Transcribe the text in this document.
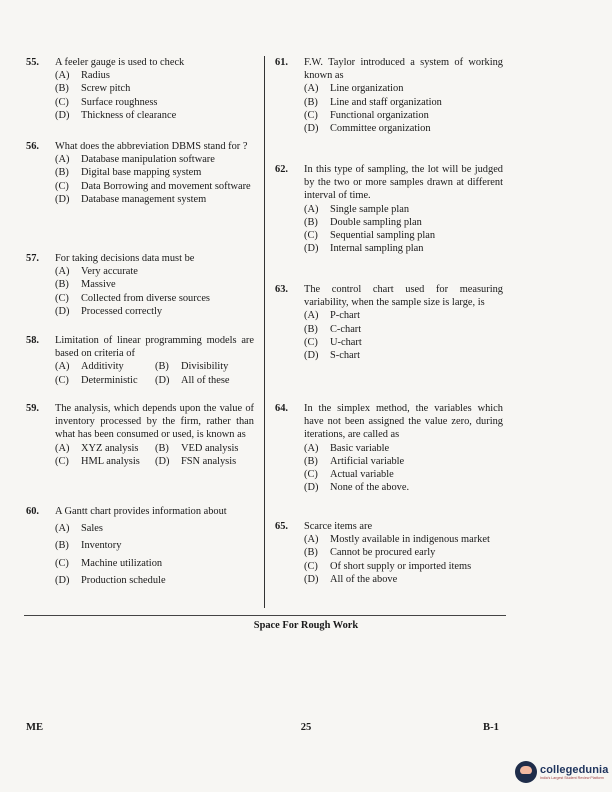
55. A feeler gauge is used to check
(A)	Radius
(B)	Screw pitch
(C)	Surface roughness
(D)	Thickness of clearance
56. What does the abbreviation DBMS stand for ?
(A)	Database manipulation software
(B)	Digital base mapping system
(C)	Data Borrowing and movement software
(D)	Database management system
57. For taking decisions data must be
(A)	Very accurate
(B)	Massive
(C)	Collected from diverse sources
(D)	Processed correctly
58. Limitation of linear programming models are based on criteria of
(A)	Additivity	(B)	Divisibility
(C)	Deterministic (D)	All of these
59. The analysis, which depends upon the value of inventory processed by the firm, rather than what has been consumed or used, is known as
(A)	XYZ analysis (B)	VED analysis
(C)	HML analysis (D)	FSN analysis
60. A Gantt chart provides information about
(A)	Sales
(B)	Inventory
(C)	Machine utilization
(D)	Production schedule
61. F.W. Taylor introduced a system of working known as
(A)	Line organization
(B)	Line and staff organization
(C)	Functional organization
(D)	Committee organization
62. In this type of sampling, the lot will be judged by the two or more samples drawn at different interval of time.
(A)	Single sample plan
(B)	Double sampling plan
(C)	Sequential sampling plan
(D)	Internal sampling plan
63. The control chart used for measuring variability, when the sample size is large, is
(A)	P-chart
(B)	C-chart
(C)	U-chart
(D)	S-chart
64. In the simplex method, the variables which have not been assigned the value zero, during iterations, are called as
(A)	Basic variable
(B)	Artificial variable
(C)	Actual variable
(D)	None of the above.
65. Scarce items are
(A)	Mostly available in indigenous market
(B)	Cannot be procured early
(C)	Of short supply or imported items
(D)	All of the above
Space For Rough Work
ME	25	B-1
collegedunia
India's Largest Student Review Platform
